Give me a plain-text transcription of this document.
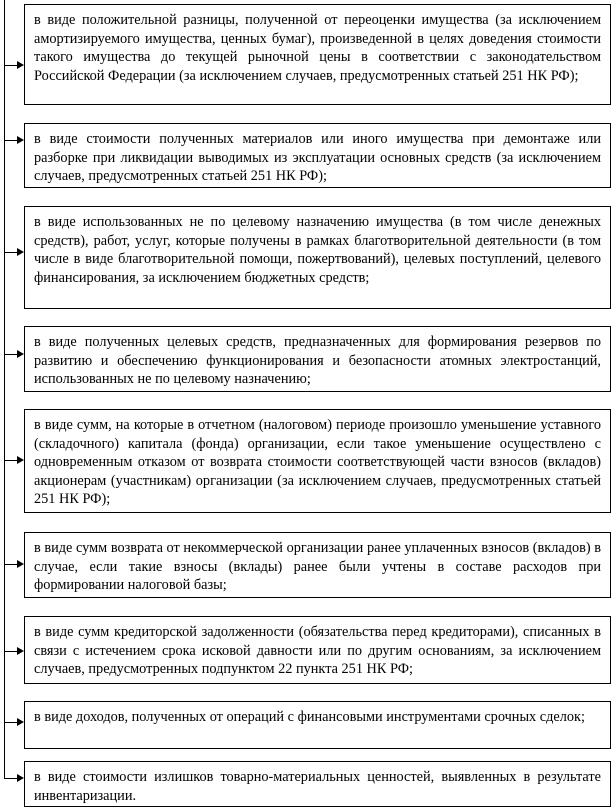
в виде положительной разницы, полученной от переоценки имущества (за исключением амортизируемого имущества, ценных бумаг), произведенной в целях доведения стоимости такого имущества до текущей рыночной цены в соответствии с законодательством Российской Федерации (за исключением случаев, предусмотренных статьей 251 НК РФ);

в виде стоимости полученных материалов или иного имущества при демонтаже или разборке при ликвидации выводимых из эксплуатации основных средств (за исключением случаев, предусмотренных статьей 251 НК РФ);

в виде использованных не по целевому назначению имущества (в том числе денежных средств), работ, услуг, которые получены в рамках благотворительной деятельности (в том числе в виде благотворительной помощи, пожертвований), целевых поступлений, целевого финансирования, за исключением бюджетных средств;

в виде полученных целевых средств, предназначенных для формирования резервов по развитию и обеспечению функционирования и безопасности атомных электростанций, использованных не по целевому назначению;

в виде сумм, на которые в отчетном (налоговом) периоде произошло уменьшение уставного (складочного) капитала (фонда) организации, если такое уменьшение осуществлено с одновременным отказом от возврата стоимости соответствующей части взносов (вкладов) акционерам (участникам) организации (за исключением случаев, предусмотренных статьей 251 НК РФ);

в виде сумм возврата от некоммерческой организации ранее уплаченных взносов (вкладов) в случае, если такие взносы (вклады) ранее были учтены в составе расходов при формировании налоговой базы;

в виде сумм кредиторской задолженности (обязательства перед кредиторами), списанных в связи с истечением срока исковой давности или по другим основаниям, за исключением случаев, предусмотренных подпунктом 22 пункта 251 НК РФ;

в виде доходов, полученных от операций с финансовыми инструментами срочных сделок;

в виде стоимости излишков товарно-материальных ценностей, выявленных в результате инвентаризации.
